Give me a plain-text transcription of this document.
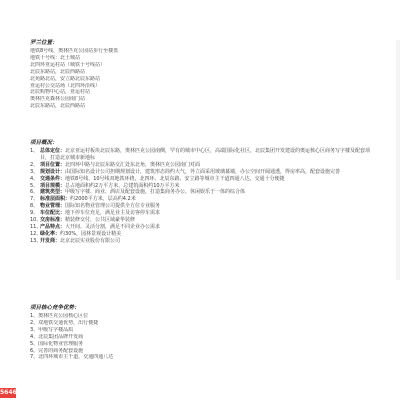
罗兰位置：
地铁8号线，奥林匹克公园站步行至楼盘
地铁十号线：北土城站
北四环亚运村站（城铁十号线站）
北辰东路站，北辰西路站
北苑路北站，安立路北辰东路站
亚运村公交站场（北四环沿线）
北辰购物中心站，亚运村站
奥林匹克森林公园南门站
北辰东路站，北辰西路站
项目概况：
1、 总体定位：北京亚运村板块北辰东路，奥林匹克公园南侧，罕有的城市中心区，高端国际化社区，北辰集团开发建设的奥运核心区商务写字楼及配套项目，打造北京城市新地标
2、 项目位置：北四环中路与北辰东路交汇处东北角，奥林匹克公园南门对面
3、 规划设计：由国际知名设计公司担纲规划设计，建筑形态简约大气，外立面采用玻璃幕墙，办公空间开阔通透，得房率高，配套设施完善
4、 交通条件：地铁8号线、10号线双地铁环绕，北四环、北辰东路、安立路等城市主干道四通八达，交通十分便捷
5、 项目规模：总占地面积约2万平方米，总建筑面积约10万平方米
6、 建筑类型：甲级写字楼、商业、酒店及配套设施，打造集商务办公、休闲娱乐于一体的综合体
7、 标准层面积：约2000平方米，层高约4.2米
8、 物业管理：国际知名物业管理公司提供全方位专业服务
9、 车位配比：地下停车位充足，满足业主及访客停车需求
10、
交房标准：精装修交付，公共区域豪华装修
11、
产品特点：大开间、灵活分割，满足不同企业办公需求
12、
绿化率：约30%，园林景观设计精美
13、
开发商：北京北辰实业股份有限公司
项目核心竞争优势：
1、奥林匹克公园核心区位
2、双地铁交通优势，出行便捷
3、甲级写字楼品质
4、北辰集团品牌开发商
5、国际化物业管理服务
6、完善的商务配套设施
7、北四环城市主干道，交通四通八达
5646
